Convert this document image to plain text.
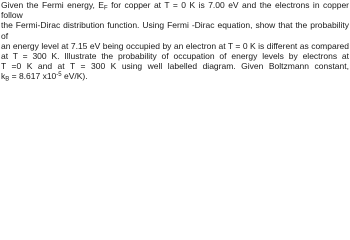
Given the Fermi energy, $E_F$ for copper at T = 0 K is 7.00 eV and the electrons in copper follow
the Fermi-Dirac distribution function. Using Fermi -Dirac equation, show that the probability of
an energy level at 7.15 eV being occupied by an electron at T = 0 K is different as compared
at T = 300 K. Illustrate the probability of occupation of energy levels by electrons at
T =0 K and at T = 300 K using well labelled diagram. Given Boltzmann constant,
$k_B = 8.617$ $x10^{-5}$ eV/K).
